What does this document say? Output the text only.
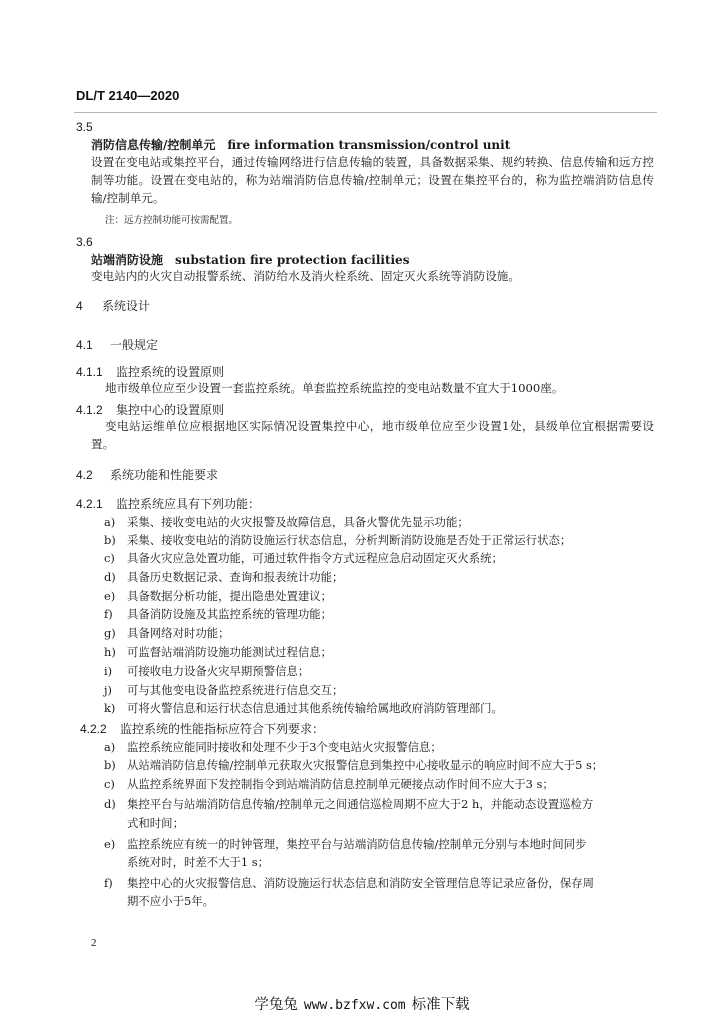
DL/T 2140—2020
3.5
消防信息传输/控制单元 fire information transmission/control unit
设置在变电站或集控平台，通过传输网络进行信息传输的装置，具备数据采集、规约转换、信息传输和远方控制等功能。设置在变电站的，称为站端消防信息传输/控制单元；设置在集控平台的，称为监控端消防信息传输/控制单元。
注：远方控制功能可按需配置。
3.6
站端消防设施 substation fire protection facilities
变电站内的火灾自动报警系统、消防给水及消火栓系统、固定灭火系统等消防设施。
4 系统设计
4.1 一般规定
4.1.1 监控系统的设置原则
地市级单位应至少设置一套监控系统。单套监控系统监控的变电站数量不宜大于1000座。
4.1.2 集控中心的设置原则
变电站运维单位应根据地区实际情况设置集控中心，地市级单位应至少设置1处，县级单位宜根据需要设置。
4.2 系统功能和性能要求
4.2.1 监控系统应具有下列功能：
a) 采集、接收变电站的火灾报警及故障信息，具备火警优先显示功能；
b) 采集、接收变电站的消防设施运行状态信息，分析判断消防设施是否处于正常运行状态；
c) 具备火灾应急处置功能，可通过软件指令方式远程应急启动固定灭火系统；
d) 具备历史数据记录、查询和报表统计功能；
e) 具备数据分析功能，提出隐患处置建议；
f) 具备消防设施及其监控系统的管理功能；
g) 具备网络对时功能；
h) 可监督站端消防设施功能测试过程信息；
i) 可接收电力设备火灾早期预警信息；
j) 可与其他变电设备监控系统进行信息交互；
k) 可将火警信息和运行状态信息通过其他系统传输给属地政府消防管理部门。
4.2.2 监控系统的性能指标应符合下列要求：
a) 监控系统应能同时接收和处理不少于3个变电站火灾报警信息；
b) 从站端消防信息传输/控制单元获取火灾报警信息到集控中心接收显示的响应时间不应大于5 s；
c) 从监控系统界面下发控制指令到站端消防信息控制单元硬接点动作时间不应大于3 s；
d) 集控平台与站端消防信息传输/控制单元之间通信巡检周期不应大于2 h，并能动态设置巡检方
式和时间；
e) 监控系统应有统一的时钟管理，集控平台与站端消防信息传输/控制单元分别与本地时间同步
系统对时，时差不大于1 s；
f) 集控中心的火灾报警信息、消防设施运行状态信息和消防安全管理信息等记录应备份，保存周
期不应小于5年。
2
学兔兔 www.bzfxw.com 标准下载
